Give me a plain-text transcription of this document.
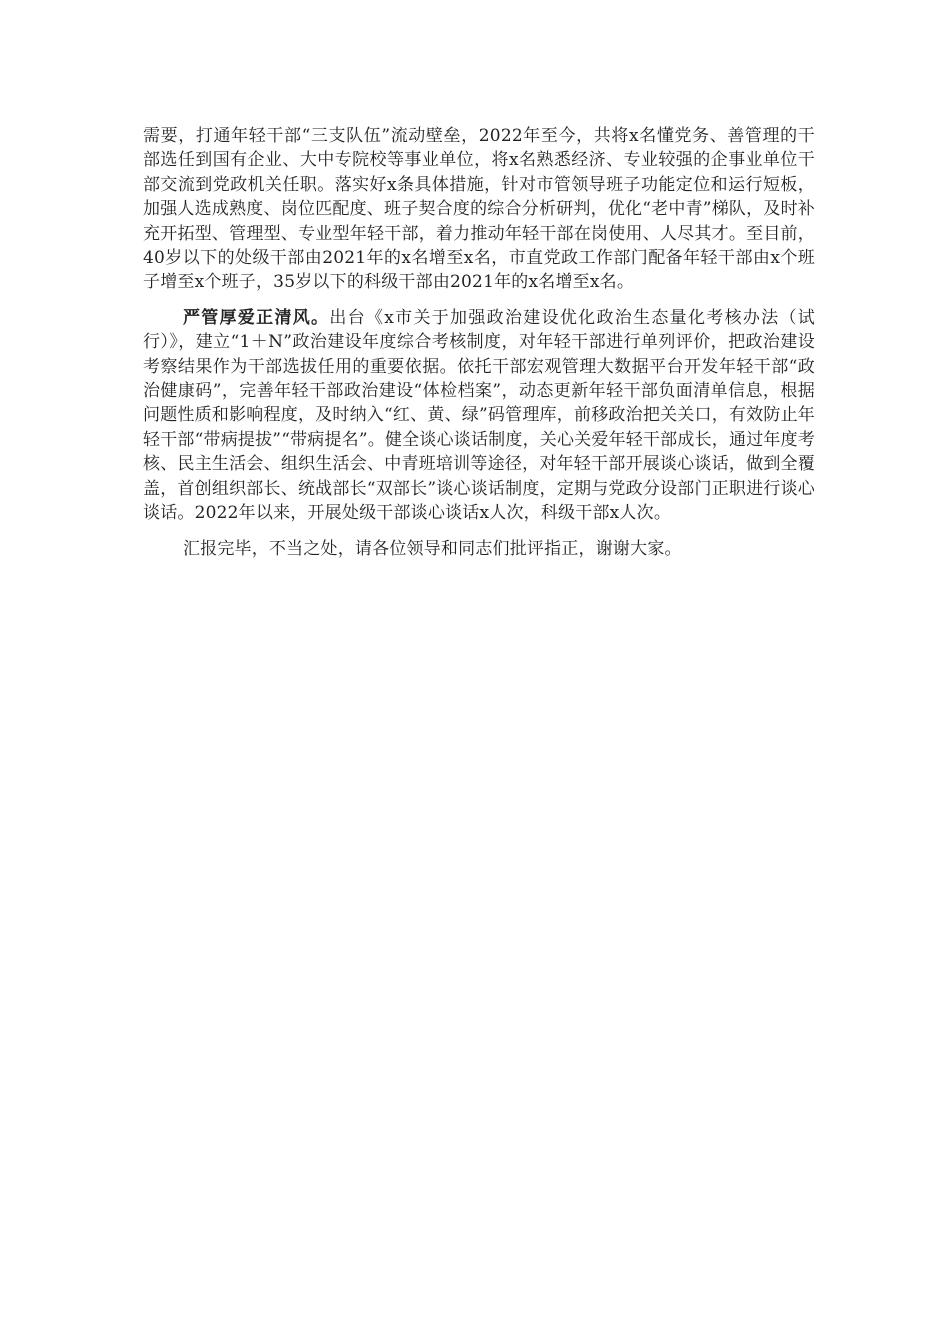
需要，打通年轻干部“三支队伍”流动壁垒，2022年至今，共将x名懂党务、善管理的干部选任到国有企业、大中专院校等事业单位，将x名熟悉经济、专业较强的企事业单位干部交流到党政机关任职。落实好x条具体措施，针对市管领导班子功能定位和运行短板，加强人选成熟度、岗位匹配度、班子契合度的综合分析研判，优化“老中青”梯队，及时补充开拓型、管理型、专业型年轻干部，着力推动年轻干部在岗使用、人尽其才。至目前，40岁以下的处级干部由2021年的x名增至x名，市直党政工作部门配备年轻干部由x个班子增至x个班子，35岁以下的科级干部由2021年的x名增至x名。

严管厚爱正清风。出台《x市关于加强政治建设优化政治生态量化考核办法（试行）》，建立“1＋N”政治建设年度综合考核制度，对年轻干部进行单列评价，把政治建设考察结果作为干部选拔任用的重要依据。依托干部宏观管理大数据平台开发年轻干部“政治健康码”，完善年轻干部政治建设“体检档案”，动态更新年轻干部负面清单信息，根据问题性质和影响程度，及时纳入“红、黄、绿”码管理库，前移政治把关关口，有效防止年轻干部“带病提拔”“带病提名”。健全谈心谈话制度，关心关爱年轻干部成长，通过年度考核、民主生活会、组织生活会、中青班培训等途径，对年轻干部开展谈心谈话，做到全覆盖，首创组织部长、统战部长“双部长”谈心谈话制度，定期与党政分设部门正职进行谈心谈话。2022年以来，开展处级干部谈心谈话x人次，科级干部x人次。

汇报完毕，不当之处，请各位领导和同志们批评指正，谢谢大家。
